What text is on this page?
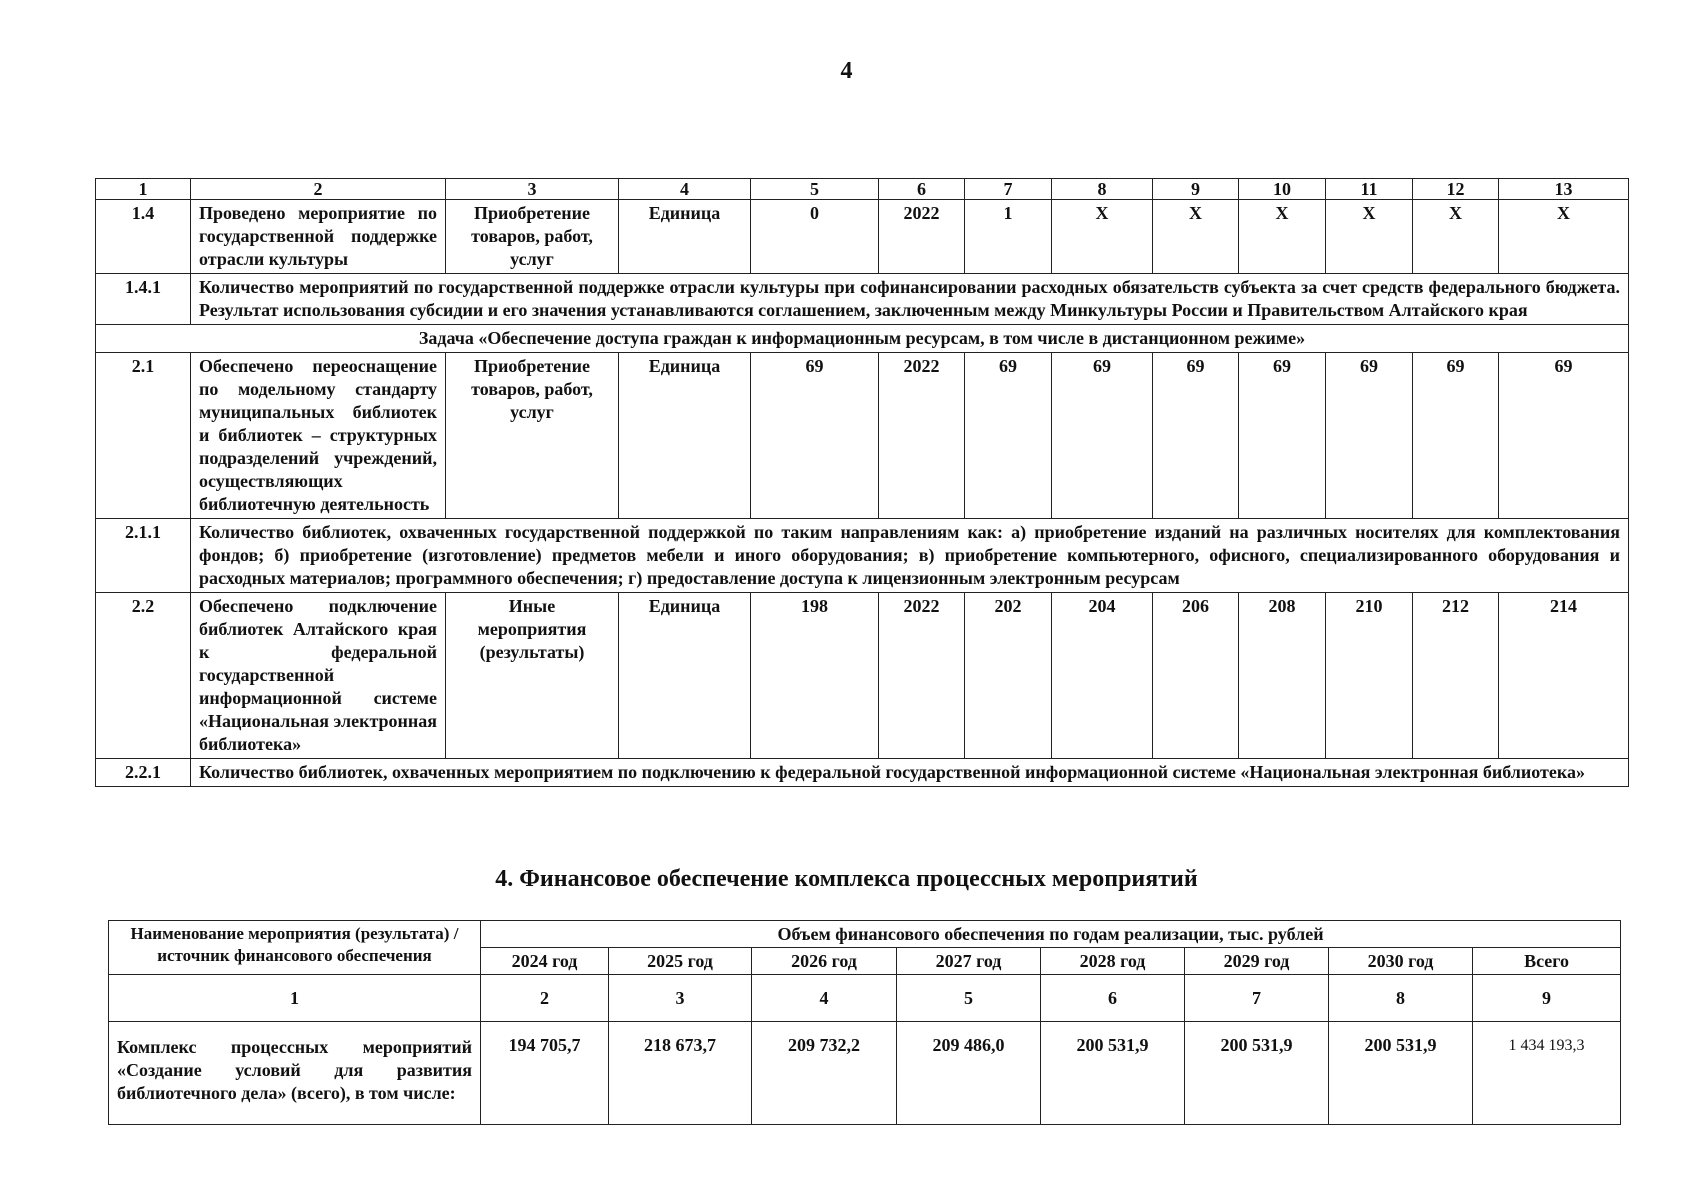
4
1	2	3	4	5	6	7	8	9	10	11	12	13
1.4	Проведено мероприятие по государственной поддержке отрасли культуры	Приобретение товаров, работ, услуг	Единица	0	2022	1	X	X	X	X	X	X
1.4.1	Количество мероприятий по государственной поддержке отрасли культуры при софинансировании расходных обязательств субъекта за счет средств федерального бюджета. Результат использования субсидии и его значения устанавливаются соглашением, заключенным между Минкультуры России и Правительством Алтайского края											
Задача «Обеспечение доступа граждан к информационным ресурсам, в том числе в дистанционном режиме»												
2.1	Обеспечено переоснащение по модельному стандарту муниципальных библиотек и библиотек – структурных подразделений учреждений, осуществляющих библиотечную деятельность	Приобретение товаров, работ, услуг	Единица	69	2022	69	69	69	69	69	69	69
2.1.1	Количество библиотек, охваченных государственной поддержкой по таким направлениям как: а) приобретение изданий на различных носителях для комплектования фондов; б) приобретение (изготовление) предметов мебели и иного оборудования; в) приобретение компьютерного, офисного, специализированного оборудования и расходных материалов; программного обеспечения; г) предоставление доступа к лицензионным электронным ресурсам											
2.2	Обеспечено подключение библиотек Алтайского края к федеральной государственной информационной системе «Национальная электронная библиотека»	Иные мероприятия (результаты)	Единица	198	2022	202	204	206	208	210	212	214
2.2.1	Количество библиотек, охваченных мероприятием по подключению к федеральной государственной информационной системе «Национальная электронная библиотека»											
4. Финансовое обеспечение комплекса процессных мероприятий
Наименование мероприятия (результата) / источник финансового обеспечения	Объем финансового обеспечения по годам реализации, тыс. рублей							
	2024 год	2025 год	2026 год	2027 год	2028 год	2029 год	2030 год	Всего
1	2	3	4	5	6	7	8	9
Комплекс процессных мероприятий «Создание условий для развития библиотечного дела» (всего), в том числе:	194 705,7	218 673,7	209 732,2	209 486,0	200 531,9	200 531,9	200 531,9	1 434 193,3
